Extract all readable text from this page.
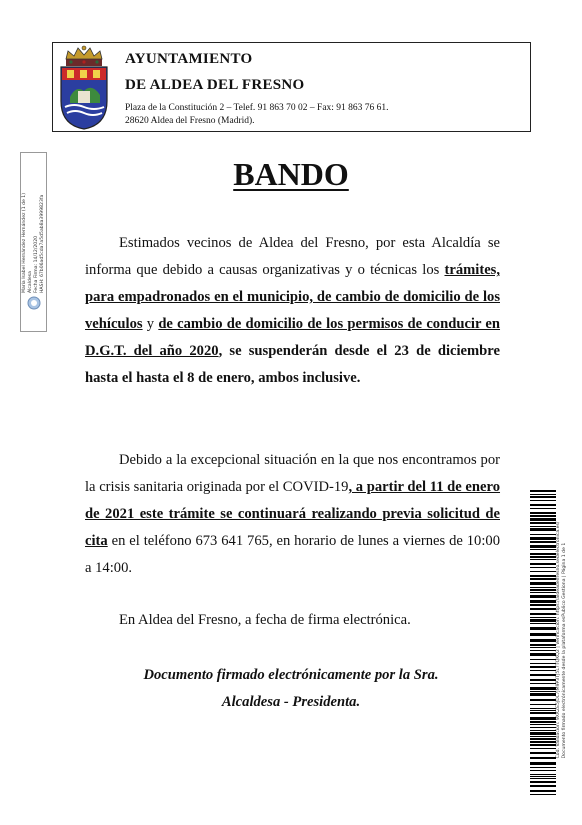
AYUNTAMIENTO
DE ALDEA DEL FRESNO
Plaza de la Constitución 2 – Telef. 91 863 70 02 – Fax: 91 863 76 61.
28620 Aldea del Fresno (Madrid).
María Isabel Hernández Hernández (1 de 1) Alcaldesa Fecha Firma: 14/12/2020 HASH: 67b06ad5cda7a5d5ab8a3999823fa
BANDO
Estimados vecinos de Aldea del Fresno, por esta Alcaldía se informa que debido a causas organizativas y o técnicas los trámites, para empadronados en el municipio, de cambio de domicilio de los vehículos y de cambio de domicilio de los permisos de conducir en D.G.T. del año 2020, se suspenderán desde el 23 de diciembre hasta el hasta el 8 de enero, ambos inclusive.
Debido a la excepcional situación en la que nos encontramos por la crisis sanitaria originada por el COVID-19, a partir del 11 de enero de 2021 este trámite se continuará realizando previa solicitud de cita en el teléfono 673 641 765, en horario de lunes a viernes de 10:00 a 14:00.
En Aldea del Fresno, a fecha de firma electrónica.
Documento firmado electrónicamente por la Sra.
Alcaldesa - Presidenta.	Cód. Validación: 9XKZE5JDL7JM9P3TJ5L7TQKQ2 | Verificación: https://aldeadelfresno.sedelectronica.es/ Documento firmado electrónicamente desde la plataforma esPublico Gestiona | Página 1 de 1
